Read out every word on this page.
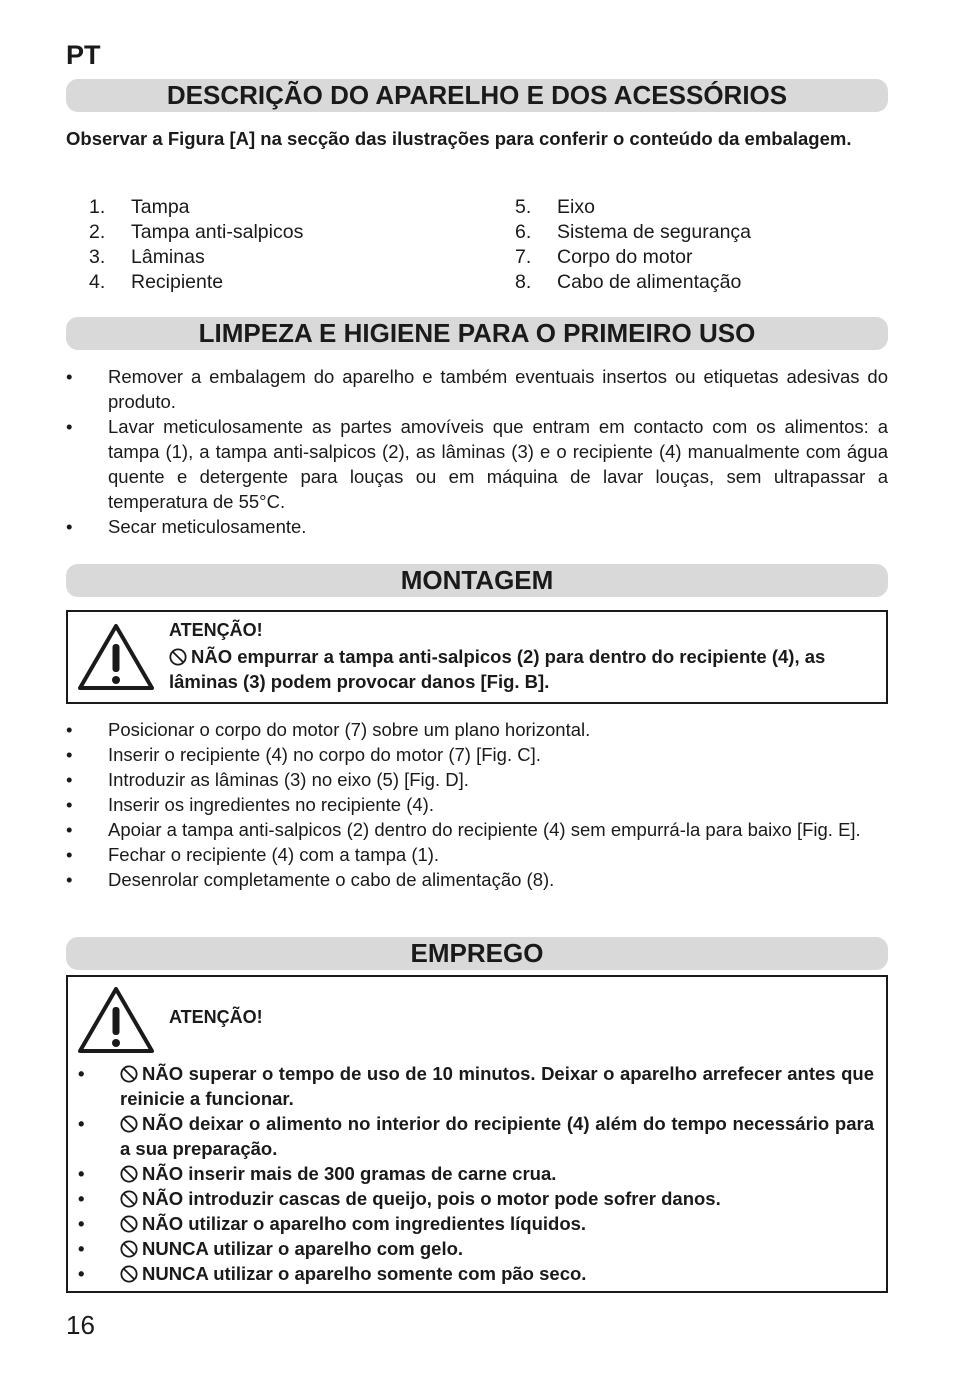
PT
DESCRIÇÃO DO APARELHO E DOS ACESSÓRIOS
Observar a Figura [A] na secção das ilustrações para conferir o conteúdo da embalagem.
1. Tampa
2. Tampa anti-salpicos
3. Lâminas
4. Recipiente
5. Eixo
6. Sistema de segurança
7. Corpo do motor
8. Cabo de alimentação
LIMPEZA E HIGIENE PARA O PRIMEIRO USO
• Remover a embalagem do aparelho e também eventuais insertos ou etiquetas adesivas do produto.
• Lavar meticulosamente as partes amovíveis que entram em contacto com os alimentos: a tampa (1), a tampa anti-salpicos (2), as lâminas (3) e o recipiente (4) manualmente com água quente e detergente para louças ou em máquina de lavar louças, sem ultrapassar a temperatura de 55°C.
• Secar meticulosamente.
MONTAGEM
ATENÇÃO!
NÃO empurrar a tampa anti-salpicos (2) para dentro do recipiente (4), as lâminas (3) podem provocar danos [Fig. B].
• Posicionar o corpo do motor (7) sobre um plano horizontal.
• Inserir o recipiente (4) no corpo do motor (7) [Fig. C].
• Introduzir as lâminas (3) no eixo (5) [Fig. D].
• Inserir os ingredientes no recipiente (4).
• Apoiar a tampa anti-salpicos (2) dentro do recipiente (4) sem empurrá-la para baixo [Fig. E].
• Fechar o recipiente (4) com a tampa (1).
• Desenrolar completamente o cabo de alimentação (8).
EMPREGO
ATENÇÃO!
•	NÃO superar o tempo de uso de 10 minutos. Deixar o aparelho arrefecer antes que reinicie a funcionar.
•	NÃO deixar o alimento no interior do recipiente (4) além do tempo necessário para a sua preparação.
•	NÃO inserir mais de 300 gramas de carne crua.
•	NÃO introduzir cascas de queijo, pois o motor pode sofrer danos.
•	NÃO utilizar o aparelho com ingredientes líquidos.
•	NUNCA utilizar o aparelho com gelo.
•	NUNCA utilizar o aparelho somente com pão seco.
16
